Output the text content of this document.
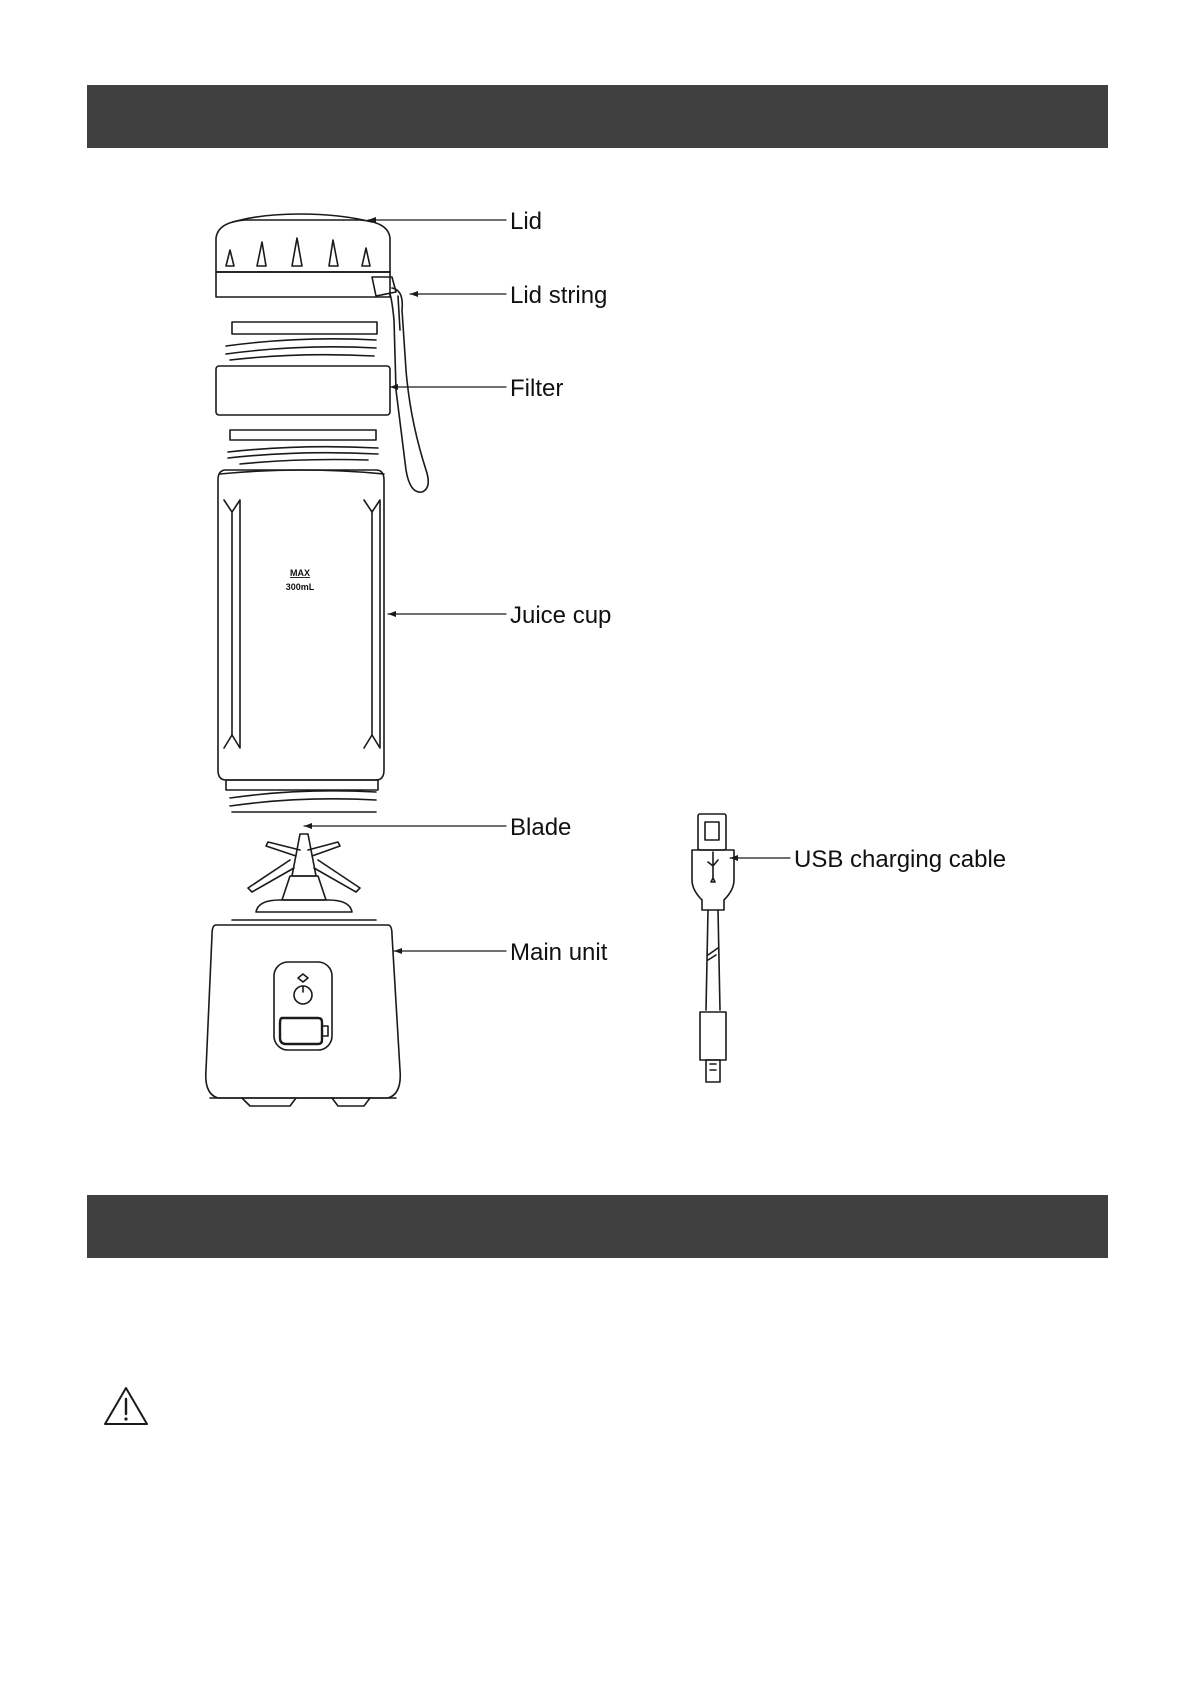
MAX
300mL
Lid
Lid string
Filter
Juice cup
Blade
Main unit
USB charging cable
